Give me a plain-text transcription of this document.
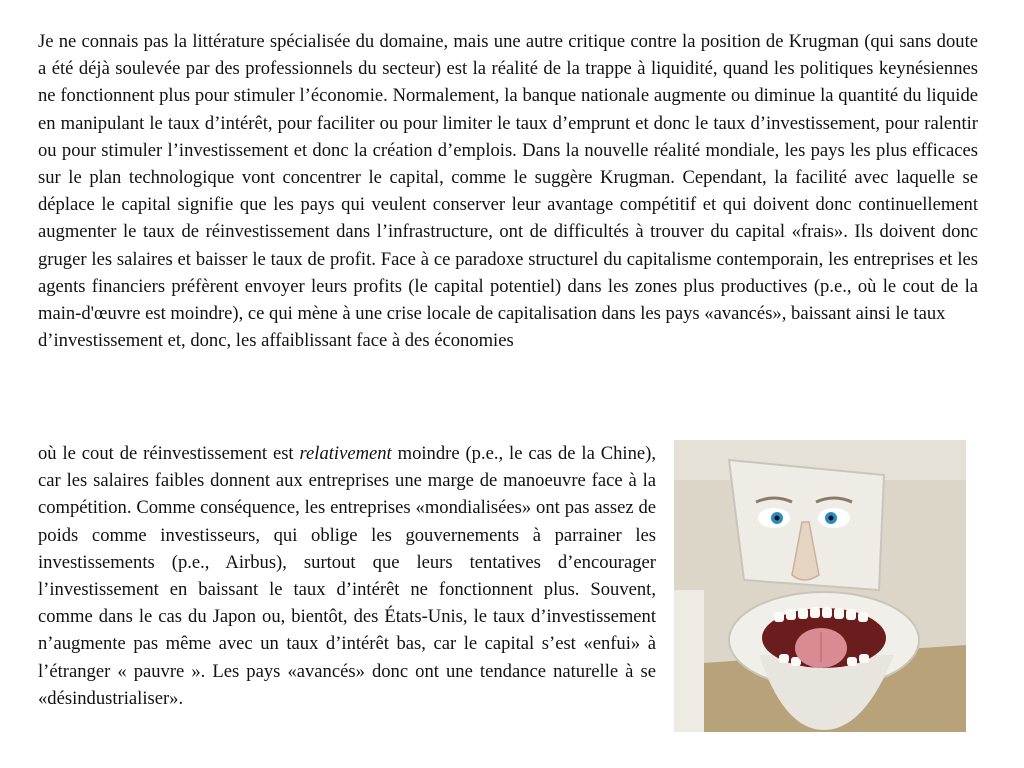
Je ne connais pas la littérature spécialisée du domaine, mais une autre critique contre la position de Krugman (qui sans doute a été déjà soulevée par des professionnels du secteur) est la réalité de la trappe à liquidité, quand les politiques keynésiennes ne fonctionnent plus pour stimuler l’économie. Normalement, la banque nationale augmente ou diminue la quantité du liquide en manipulant le taux d’intérêt, pour faciliter ou pour limiter le taux d’emprunt et donc le taux d’investissement, pour ralentir ou pour stimuler l’investissement et donc la création d’emplois. Dans la nouvelle réalité mondiale, les pays les plus efficaces sur le plan technologique vont concentrer le capital, comme le suggère Krugman. Cependant, la facilité avec laquelle se déplace le capital signifie que les pays qui veulent conserver leur avantage compétitif et qui doivent donc continuellement augmenter le taux de réinvestissement dans l’infrastructure, ont de difficultés à trouver du capital «frais». Ils doivent donc gruger les salaires et baisser le taux de profit. Face à ce paradoxe structurel du capitalisme contemporain, les entreprises et les agents financiers préfèrent envoyer leurs profits (le capital potentiel) dans les zones plus productives (p.e., où le cout de la main-d'œuvre est moindre), ce qui mène à une crise locale de capitalisation dans les pays «avancés», baissant ainsi le taux
d’investissement et, donc, les affaiblissant face à des économies

où le cout de réinvestissement est relativement moindre (p.e., le cas de la Chine), car les salaires faibles donnent aux entreprises une marge de manoeuvre face à la compétition. Comme conséquence, les entreprises «mondialisées» ont pas assez de poids comme investisseurs, qui oblige les gouvernements à parrainer les investissements (p.e., Airbus), surtout que leurs tentatives d’encourager l’investissement en baissant le taux d’intérêt ne fonctionnent plus. Souvent, comme dans le cas du Japon ou, bientôt, des États-Unis, le taux d’investissement n’augmente pas même avec un taux d’intérêt bas, car le capital s’est «enfui» à l’étranger « pauvre ». Les pays «avancés» donc ont une tendance naturelle à se «désindustrialiser».
